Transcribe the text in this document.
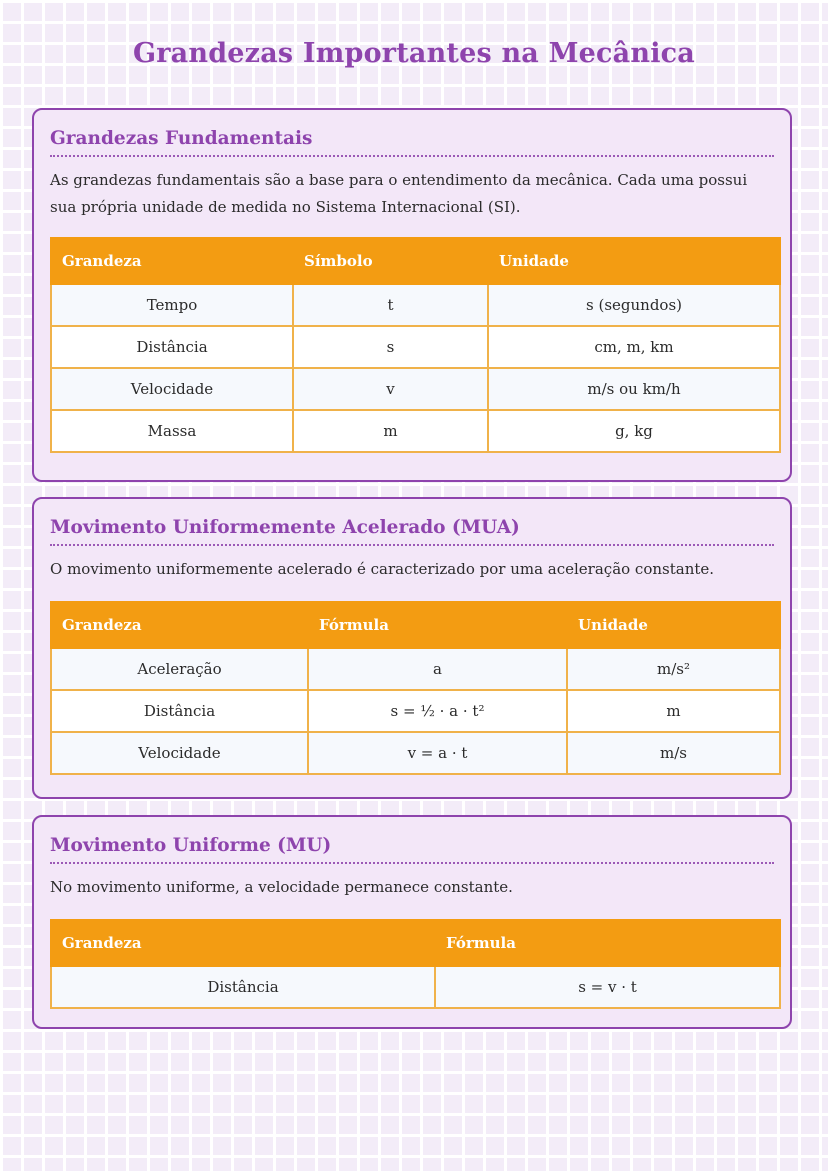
Grandezas Importantes na Mecânica
Grandezas Fundamentais
As grandezas fundamentais são a base para o entendimento da mecânica. Cada uma possui sua própria unidade de medida no Sistema Internacional (SI).
Grandeza	Símbolo	Unidade
Tempo	t	s (segundos)
Distância	s	cm, m, km
Velocidade	v	m/s ou km/h
Massa	m	g, kg
Movimento Uniformemente Acelerado (MUA)
O movimento uniformemente acelerado é caracterizado por uma aceleração constante.
Grandeza	Fórmula	Unidade
Aceleração	a	m/s²
Distância	s = ½ · a · t²	m
Velocidade	v = a · t	m/s
Movimento Uniforme (MU)
No movimento uniforme, a velocidade permanece constante.
Grandeza	Fórmula
Distância	s = v · t
